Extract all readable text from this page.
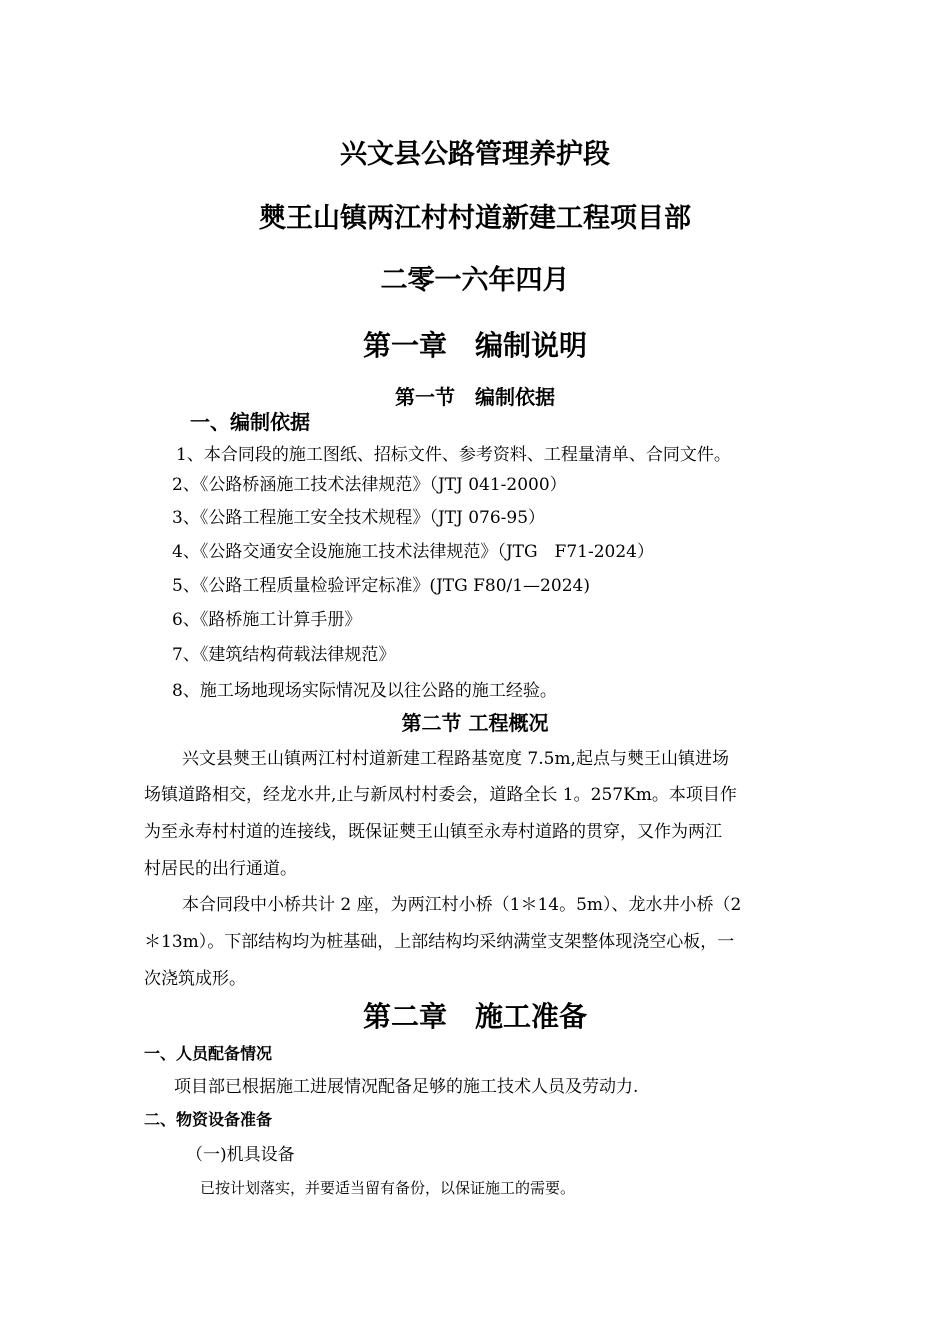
兴文县公路管理养护段
僰王山镇两江村村道新建工程项目部
二零一六年四月
第一章　编制说明
第一节　编制依据
一、编制依据
1、本合同段的施工图纸、招标文件、参考资料、工程量清单、合同文件。
2、《公路桥涵施工技术法律规范》（JTJ 041-2000）
3、《公路工程施工安全技术规程》（JTJ 076-95）
4、《公路交通安全设施施工技术法律规范》（JTG　F71-2024）
5、《公路工程质量检验评定标准》(JTG F80/1—2024)
6、《路桥施工计算手册》
7、《建筑结构荷载法律规范》
8、施工场地现场实际情况及以往公路的施工经验。
第二节 工程概况
兴文县僰王山镇两江村村道新建工程路基宽度 7.5m,起点与僰王山镇进场
场镇道路相交，经龙水井,止与新凤村村委会，道路全长 1。257Km。本项目作
为至永寿村村道的连接线，既保证僰王山镇至永寿村道路的贯穿，又作为两江
村居民的出行通道。
本合同段中小桥共计 2 座，为两江村小桥（1＊14。5m）、龙水井小桥（2
＊13m）。下部结构均为桩基础，上部结构均采纳满堂支架整体现浇空心板，一
次浇筑成形。
第二章　施工准备
一、人员配备情况
项目部已根据施工进展情况配备足够的施工技术人员及劳动力.
二、物资设备准备
（一)机具设备
已按计划落实，并要适当留有备份，以保证施工的需要。
